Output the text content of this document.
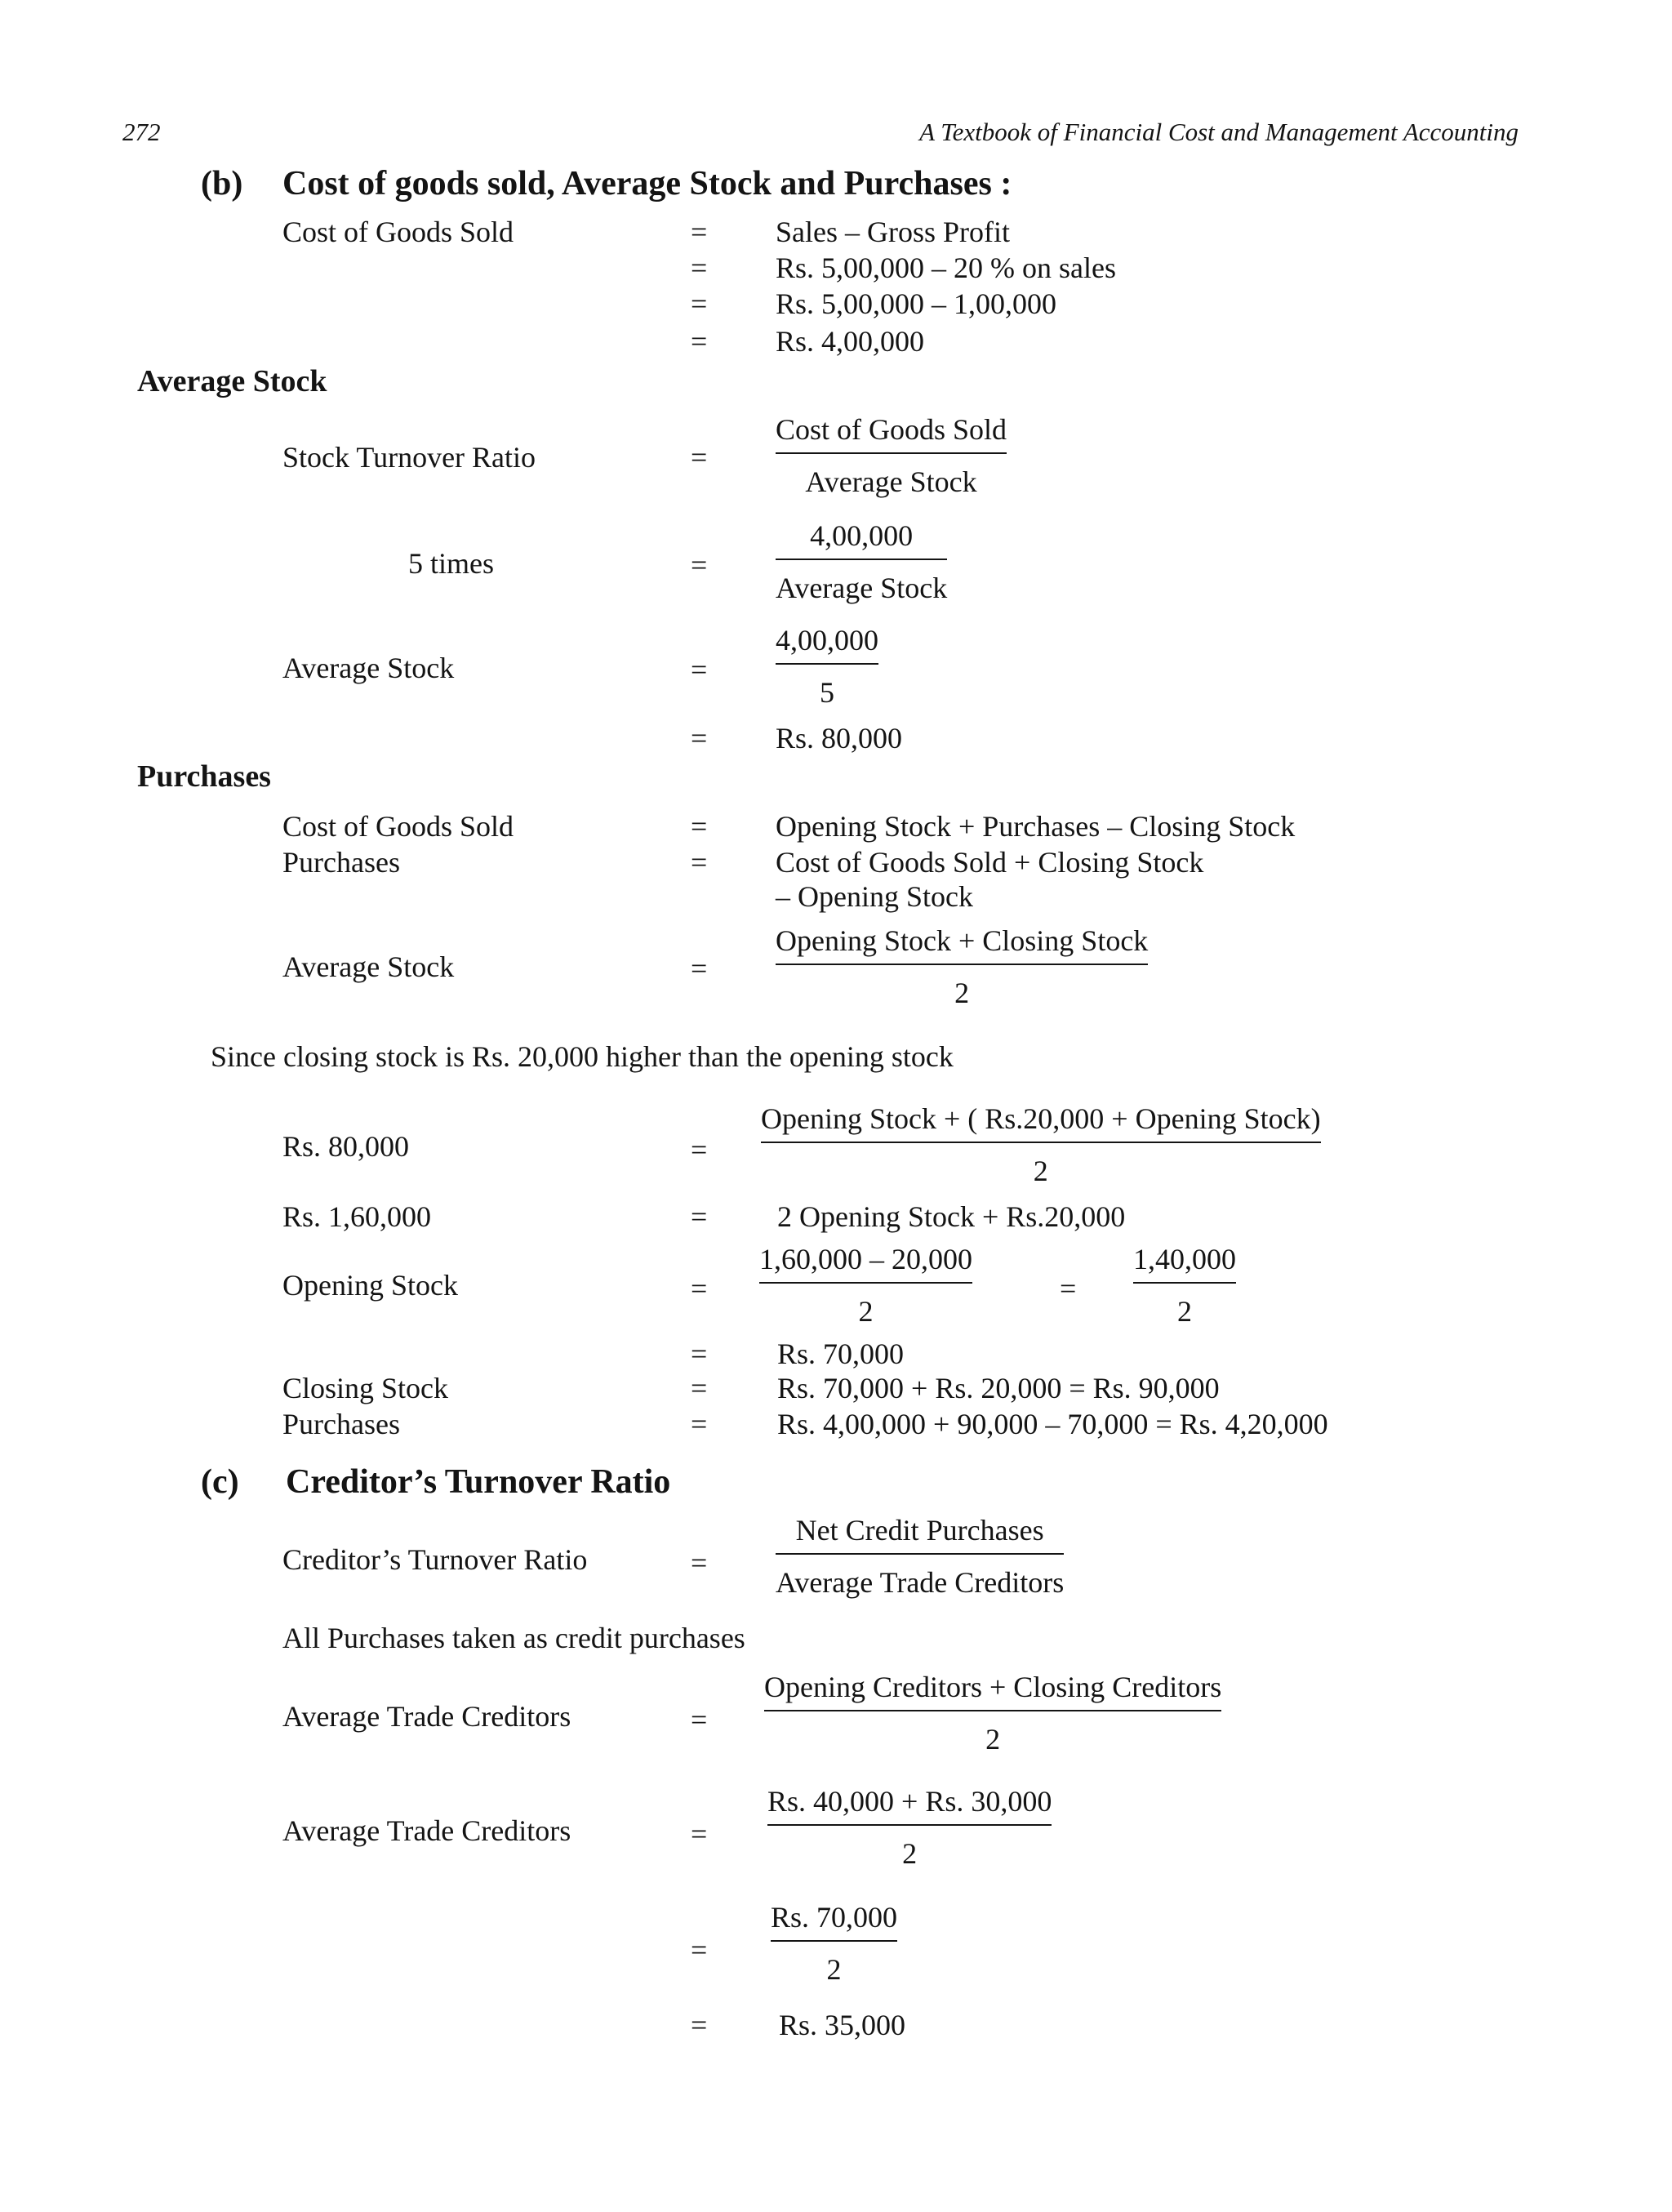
272	A Textbook of Financial Cost and Management Accounting
(b) Cost of goods sold, Average Stock and Purchases :
Cost of Goods Sold	= Sales – Gross Profit
= Rs. 5,00,000 – 20 % on sales
= Rs. 5,00,000 – 1,00,000
= Rs. 4,00,000
Average Stock
Stock Turnover Ratio	=
Cost of Goods Sold
Average Stock
5 times	=
4,00,000
Average Stock
Average Stock	=
4,00,000
5
= Rs. 80,000
Purchases
Cost of Goods Sold	= Opening Stock + Purchases – Closing Stock
Purchases	= Cost of Goods Sold + Closing Stock
– Opening Stock
Average Stock	=
Opening Stock + Closing Stock
2
Since closing stock is Rs. 20,000 higher than the opening stock
Rs. 80,000	=
Opening Stock + ( Rs.20,000 + Opening Stock)
2
Rs. 1,60,000	= 2 Opening Stock + Rs.20,000
Opening Stock	=
1,60,000 – 20,000
2
=
1,40,000
2
= Rs. 70,000
Closing Stock	= Rs. 70,000 + Rs. 20,000 = Rs. 90,000
Purchases	= Rs. 4,00,000 + 90,000 – 70,000 = Rs. 4,20,000
(c) Creditor’s Turnover Ratio
Creditor’s Turnover Ratio	=
Net Credit Purchases
Average Trade Creditors
All Purchases taken as credit purchases
Average Trade Creditors	=
Opening Creditors + Closing Creditors
2
Average Trade Creditors	=
Rs. 40,000 + Rs. 30,000
2
=
Rs. 70,000
2
= Rs. 35,000
